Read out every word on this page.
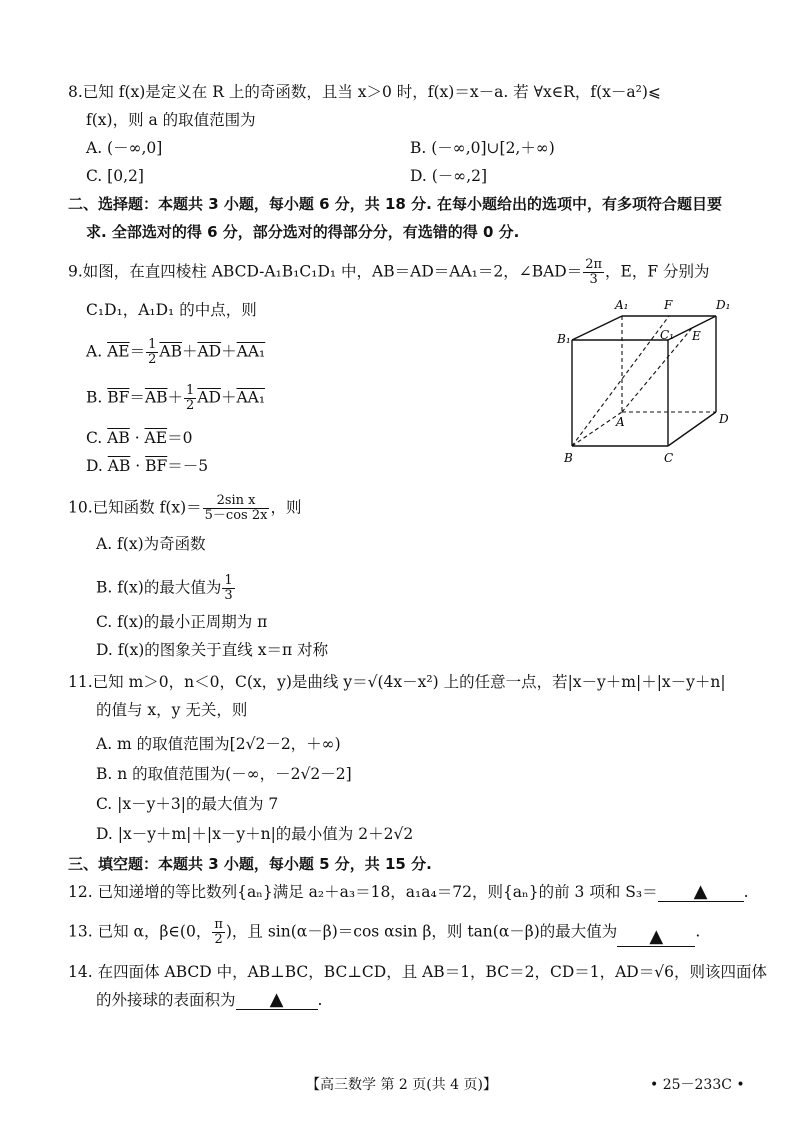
8.已知 f(x)是定义在 R 上的奇函数，且当 x＞0 时，f(x)＝x－a. 若 ∀x∈R，f(x－a²)⩽
f(x)，则 a 的取值范围为
A. (－∞,0]	B. (－∞,0]∪[2,＋∞)
C. [0,2]	D. (－∞,2]
二、选择题：本题共 3 小题，每小题 6 分，共 18 分. 在每小题给出的选项中，有多项符合题目要
求. 全部选对的得 6 分，部分选对的得部分分，有选错的得 0 分.
9.如图，在直四棱柱 ABCD-A₁B₁C₁D₁ 中，AB＝AD＝AA₁＝2，∠BAD＝ $\frac{2\pi}{3}$ ，E，F 分别为
C₁D₁，A₁D₁ 的中点，则
A. $\overline{AE}= \frac{1}{2} \overline{AB}+\overline{AD}+AA_1$
B. $\overline{BF}=\overline{AB}+ \frac{1}{2} \overline{AD}+AA_1$
C. $\overline{AB} \cdot \overline{AE}=0$
D. $\overline{AB} \cdot \overline{BF}=-5$
A₁	F	D₁
B₁	C₁ E
A	D
B	C
10.已知函数 $f(x)= \frac{\text{2sin x}}{5-\cos 2x}$ ，则
A. f(x)为奇函数
B. f(x)的最大值为 $\frac{1}{3}$
C. f(x)的最小正周期为 π
D. f(x)的图象关于直线 x＝π 对称
11.已知 m＞0，n＜0，C(x，y)是曲线 y＝√(4x－x²) 上的任意一点，若|x－y＋m|＋|x－y＋n|
的值与 x，y 无关，则
A. m 的取值范围为[2√2－2，＋∞)
B. n 的取值范围为(－∞，－2√2－2]
C. |x－y＋3|的最大值为 7
D. |x－y＋m|＋|x－y＋n|的最小值为 2＋2√2
三、填空题：本题共 3 小题，每小题 5 分，共 15 分.
12. 已知递增的等比数列{aₙ}满足 a₂＋a₃＝18，a₁a₄＝72，则{aₙ}的前 3 项和 S₃＝ ▲ .
13. 已知 α，β∈(0， $\frac{\pi}{2}$ )，且 sin(α－β)＝cos αsin β，则 tan(α－β)的最大值为 ▲ .
14. 在四面体 ABCD 中，AB⊥BC，BC⊥CD，且 AB＝1，BC＝2，CD＝1，AD＝√6，则该四面体
的外接球的表面积为 ▲ .
【高三数学 第 2 页(共 4 页)】	• 25－233C •
